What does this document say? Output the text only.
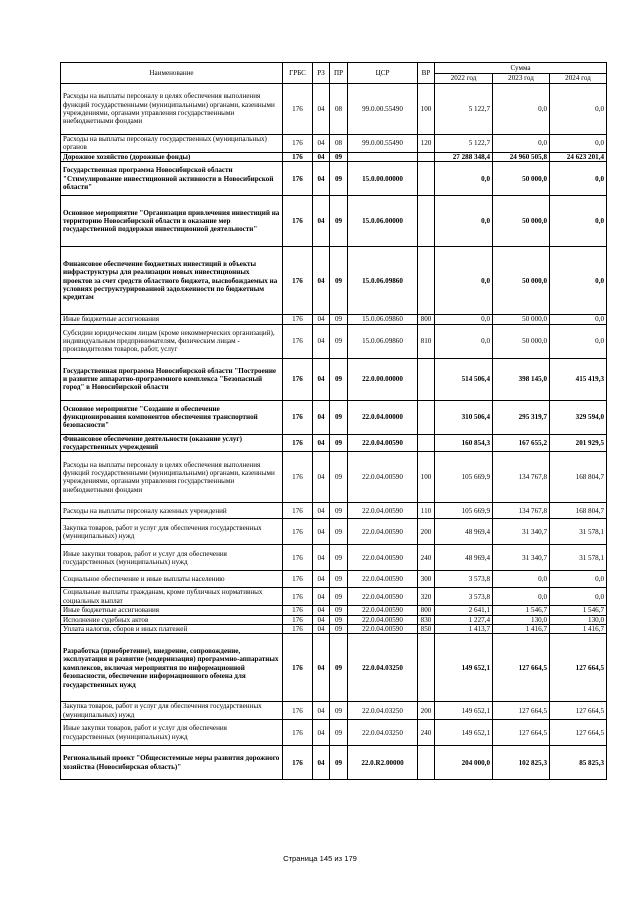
Наименование	ГРБС	РЗ	ПР	ЦСР	ВР	Сумма		
						2022 год	2023 год	2024 год
Расходы на выплаты персоналу в целях обеспечения выполнения функций государственными (муниципальными) органами, казенными учреждениями, органами управления государственными внебюджетными фондами	176	04	08	99.0.00.55490	100	5 122,7	0,0	0,0
Расходы на выплаты персоналу государственных (муниципальных) органов	176	04	08	99.0.00.55490	120	5 122,7	0,0	0,0
Дорожное хозяйство (дорожные фонды)	176	04	09			27 288 348,4	24 960 505,8	24 623 201,4
Государственная программа Новосибирской области "Стимулирование инвестиционной активности в Новосибирской области"	176	04	09	15.0.00.00000		0,0	50 000,0	0,0
Основное мероприятие "Организация привлечения инвестиций на территорию Новосибирской области в оказание мер государственной поддержки инвестиционной деятельности"	176	04	09	15.0.06.00000		0,0	50 000,0	0,0
Финансовое обеспечение бюджетных инвестиций в объекты инфраструктуры для реализации новых инвестиционных проектов за счет средств областного бюджета, высвобождаемых на условиях реструктурированной задолженности по бюджетным кредитам	176	04	09	15.0.06.09860		0,0	50 000,0	0,0
Иные бюджетные ассигнования	176	04	09	15.0.06.09860	800	0,0	50 000,0	0,0
Субсидии юридическим лицам (кроме некоммерческих организаций), индивидуальным предпринимателям, физическим лицам - производителям товаров, работ, услуг	176	04	09	15.0.06.09860	810	0,0	50 000,0	0,0
Государственная программа Новосибирской области "Построение и развитие аппаратно-программного комплекса "Безопасный город" в Новосибирской области	176	04	09	22.0.00.00000		514 506,4	398 145,0	415 419,3
Основное мероприятие "Создание и обеспечение функционирования компонентов обеспечения транспортной безопасности"	176	04	09	22.0.04.00000		310 506,4	295 319,7	329 594,0
Финансовое обеспечение деятельности (оказание услуг) государственных учреждений	176	04	09	22.0.04.00590		160 854,3	167 655,2	201 929,5
Расходы на выплаты персоналу в целях обеспечения выполнения функций государственными (муниципальными) органами, казенными учреждениями, органами управления государственными внебюджетными фондами	176	04	09	22.0.04.00590	100	105 669,9	134 767,8	168 804,7
Расходы на выплаты персоналу казенных учреждений	176	04	09	22.0.04.00590	110	105 669,9	134 767,8	168 804,7
Закупка товаров, работ и услуг для обеспечения государственных (муниципальных) нужд	176	04	09	22.0.04.00590	200	48 969,4	31 340,7	31 578,1
Иные закупки товаров, работ и услуг для обеспечения государственных (муниципальных) нужд	176	04	09	22.0.04.00590	240	48 969,4	31 340,7	31 578,1
Социальное обеспечение и иные выплаты населению	176	04	09	22.0.04.00590	300	3 573,8	0,0	0,0
Социальные выплаты гражданам, кроме публичных нормативных социальных выплат	176	04	09	22.0.04.00590	320	3 573,8	0,0	0,0
Иные бюджетные ассигнования	176	04	09	22.0.04.00590	800	2 641,1	1 546,7	1 546,7
Исполнение судебных актов	176	04	09	22.0.04.00590	830	1 227,4	130,0	130,0
Уплата налогов, сборов и иных платежей	176	04	09	22.0.04.00590	850	1 413,7	1 416,7	1 416,7
Разработка (приобретение), внедрение, сопровождение, эксплуатация и развитие (модернизация) программно-аппаратных комплексов, включая мероприятия по информационной безопасности, обеспечение информационного обмена для государственных нужд	176	04	09	22.0.04.03250		149 652,1	127 664,5	127 664,5
Закупка товаров, работ и услуг для обеспечения государственных (муниципальных) нужд	176	04	09	22.0.04.03250	200	149 652,1	127 664,5	127 664,5
Иные закупки товаров, работ и услуг для обеспечения государственных (муниципальных) нужд	176	04	09	22.0.04.03250	240	149 652,1	127 664,5	127 664,5
Региональный проект "Общесистемные меры развития дорожного хозяйства (Новосибирская область)"	176	04	09	22.0.R2.00000		204 000,0	102 825,3	85 825,3
Страница 145 из 179
